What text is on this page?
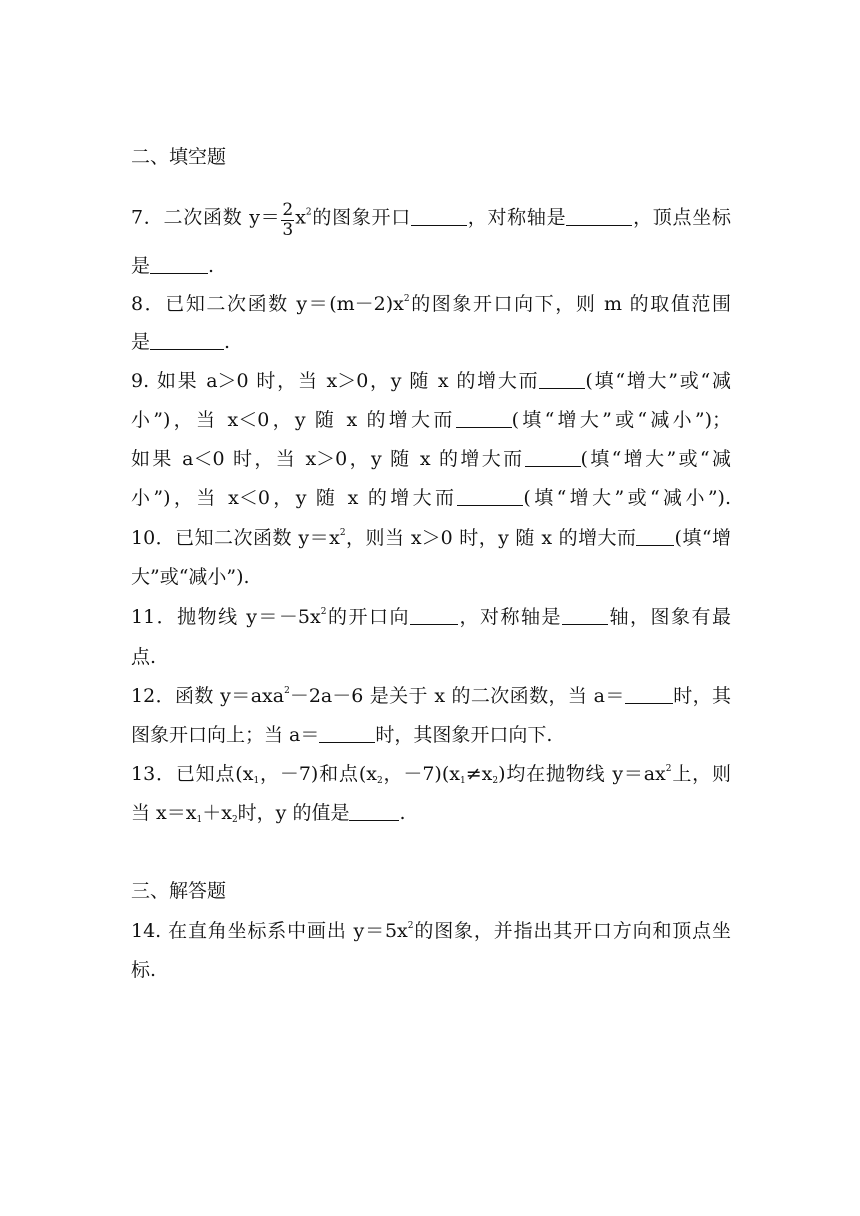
二、填空题
7．二次函数 $y= \frac{2}{3} x^2$的图象开口	，对称轴是	，顶点坐标
是	.
8．已知二次函数 $y=(m-2)x^2$的图象开口向下，则 m 的取值范围
是	.
9. 如果 a＞0 时，当 x＞0，y 随 x 的增大而 (填“增大”或“减
小”)，当 x＜0，y 随 x 的增大而	(填“增大”或“减小”)；
如果 a＜0 时，当 x＞0，y 随 x 的增大而	(填“增大”或“减
小”)，当 x＜0，y 随 x 的增大而	(填“增大”或“减小”).
10．已知二次函数 $y=x^2$，则当 x＞0 时，y 随 x 的增大而 (填“增
大”或“减小”).
11．抛物线 $y=-5x^2$的开口向	，对称轴是 轴，图象有最
点.
12．函数 y＝axa$^2$－2a－6 是关于 x 的二次函数，当 a＝	时，其
图象开口向上；当 a＝	时，其图象开口向下.
13．已知点($x_1$，－7)和点($x_2$，$-7)(x_1\ne x_2)$均在抛物线 $y=ax^2$上，则
当 $x=x_1+x_2$时，y 的值是	.
三、解答题
14. 在直角坐标系中画出 $y=5x^2$的图象，并指出其开口方向和顶点坐
标.
